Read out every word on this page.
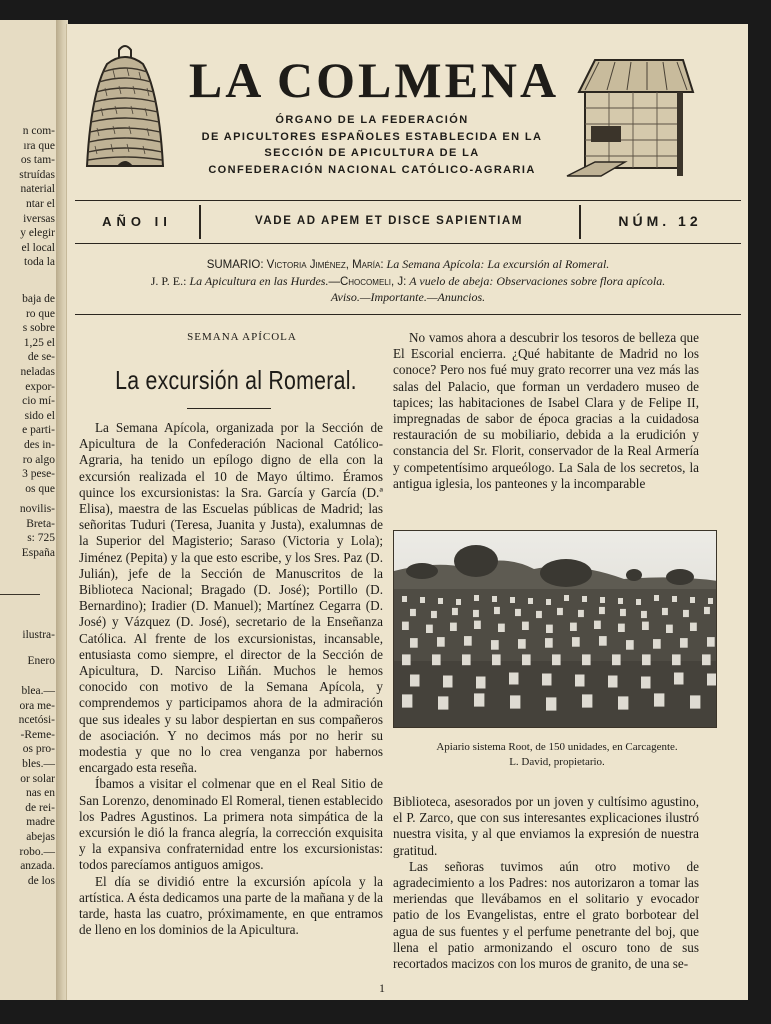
n com-
ıra que
os tam-
struídas
naterial
ntar el
iversas
y elegir
el local
toda la
baja de
ro que
s sobre
1,25 el
de se-
neladas
expor-
cio mí-
sido el
e parti-
des in-
ro algo
3 pese-
os que
novilis-
Breta-
s: 725
España
ilustra-
Enero
blea.—
ora me-
ncetósi-
-Reme-
os pro-
bles.—
or solar
nas en
de rei-
madre
abejas
robo.—
anzada.
de los
LA COLMENA
ÓRGANO DE LA FEDERACIÓN
DE APICULTORES ESPAÑOLES ESTABLECIDA EN LA
SECCIÓN DE APICULTURA DE LA
CONFEDERACIÓN NACIONAL CATÓLICO-AGRARIA
AÑO II	VADE AD APEM ET DISCE SAPIENTIAM	NÚM. 12
SUMARIO: Victoria Jiménez, María: La Semana Apícola: La excursión al Romeral.
J. P. E.: La Apicultura en las Hurdes.—Chocomeli, J: A vuelo de abeja: Observaciones sobre flora apícola.
Aviso.—Importante.—Anuncios.
SEMANA APÍCOLA
La excursión al Romeral.

La Semana Apícola, organizada por la Sección de Apicultura de la Confederación Nacional Católico-Agraria, ha tenido un epílogo digno de ella con la excursión realizada el 10 de Mayo último. Éramos quince los excursionistas: la Sra. García y García (D.ª Elisa), maestra de las Escuelas públicas de Madrid; las señoritas Tuduri (Teresa, Juanita y Justa), exalumnas de la Superior del Magisterio; Saraso (Victoria y Lola); Jiménez (Pepita) y la que esto escribe, y los Sres. Paz (D. Julián), jefe de la Sección de Manuscritos de la Biblioteca Nacional; Bragado (D. José); Portillo (D. Bernardino); Iradier (D. Manuel); Martínez Cegarra (D. José) y Vázquez (D. José), secretario de la Enseñanza Católica. Al frente de los excursionistas, incansable, entusiasta como siempre, el director de la Sección de Apicultura, D. Narciso Liñán. Muchos le hemos conocido con motivo de la Semana Apícola, y comprendemos y participamos ahora de la admiración que sus ideales y su labor despiertan en sus compañeros de asociación. Y no decimos más por no herir su modestia y que no lo crea venganza por habernos encargado esta reseña.

Íbamos a visitar el colmenar que en el Real Sitio de San Lorenzo, denominado El Romeral, tienen establecido los Padres Agustinos. La primera nota simpática de la excursión le dió la franca alegría, la corrección exquisita y la expansiva confraternidad entre los excursionistas: todos parecíamos antiguos amigos.

El día se dividió entre la excursión apícola y la artística. A ésta dedicamos una parte de la mañana y de la tarde, hasta las cuatro, próximamente, en que entramos de lleno en los dominios de la Apicultura.

No vamos ahora a descubrir los tesoros de belleza que El Escorial encierra. ¿Qué habitante de Madrid no los conoce? Pero nos fué muy grato recorrer una vez más las salas del Palacio, que forman un verdadero museo de tapices; las habitaciones de Isabel Clara y de Felipe II, impregnadas de sabor de época gracias a la cuidadosa restauración de su mobiliario, debida a la erudición y constancia del Sr. Florit, conservador de la Real Armería y competentísimo arqueólogo. La Sala de los secretos, la antigua iglesia, los panteones y la incomparable

Apiario sistema Root, de 150 unidades, en Carcagente.
L. David, propietario.

Biblioteca, asesorados por un joven y cultísimo agustino, el P. Zarco, que con sus interesantes explicaciones ilustró nuestra visita, y al que enviamos la expresión de nuestra gratitud.

Las señoras tuvimos aún otro motivo de agradecimiento a los Padres: nos autorizaron a tomar las meriendas que llevábamos en el solitario y evocador patio de los Evangelistas, entre el grato borbotear del agua de sus fuentes y el perfume penetrante del boj, que llena el patio armonizando el oscuro tono de sus recortados macizos con los muros de granito, de una se-

1
